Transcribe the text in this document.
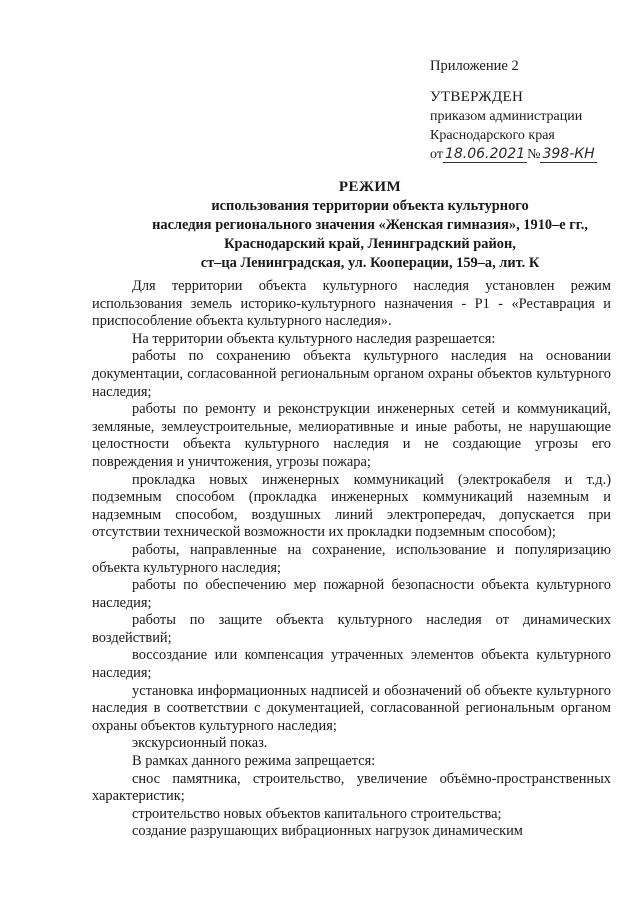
Приложение 2
УТВЕРЖДЕН
приказом администрации
Краснодарского края
от 18.06.2021 № 398-КН
РЕЖИМ
использования территории объекта культурного
наследия регионального значения «Женская гимназия», 1910–е гг.,
Краснодарский край, Ленинградский район,
ст–ца Ленинградская, ул. Кооперации, 159–а, лит. К

Для территории объекта культурного наследия установлен режим использования земель историко-культурного назначения - Р1 - «Реставрация и приспособление объекта культурного наследия».

На территории объекта культурного наследия разрешается:

работы по сохранению объекта культурного наследия на основании документации, согласованной региональным органом охраны объектов культурного наследия;

работы по ремонту и реконструкции инженерных сетей и коммуникаций, земляные, землеустроительные, мелиоративные и иные работы, не нарушающие целостности объекта культурного наследия и не создающие угрозы его повреждения и уничтожения, угрозы пожара;

прокладка новых инженерных коммуникаций (электрокабеля и т.д.) подземным способом (прокладка инженерных коммуникаций наземным и надземным способом, воздушных линий электропередач, допускается при отсутствии технической возможности их прокладки подземным способом);

работы, направленные на сохранение, использование и популяризацию объекта культурного наследия;

работы по обеспечению мер пожарной безопасности объекта культурного наследия;

работы по защите объекта культурного наследия от динамических воздействий;

воссоздание или компенсация утраченных элементов объекта культурного наследия;

установка информационных надписей и обозначений об объекте культурного наследия в соответствии с документацией, согласованной региональным органом охраны объектов культурного наследия;

экскурсионный показ.

В рамках данного режима запрещается:

снос памятника, строительство, увеличение объёмно-пространственных характеристик;

строительство новых объектов капитального строительства;

создание разрушающих вибрационных нагрузок динамическим
